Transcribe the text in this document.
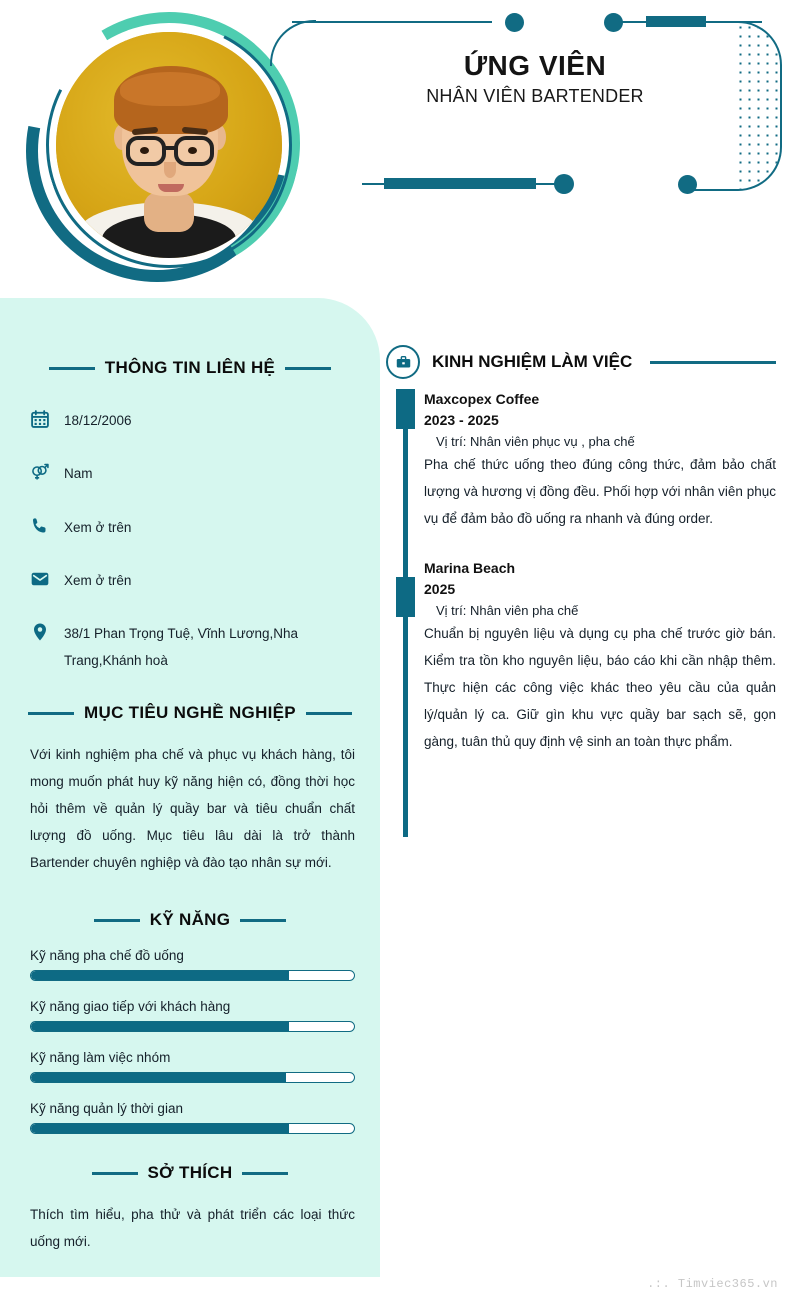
ỨNG VIÊN
NHÂN VIÊN BARTENDER
THÔNG TIN LIÊN HỆ
18/12/2006
Nam
Xem ở trên
Xem ở trên
38/1 Phan Trọng Tuệ, Vĩnh Lương,Nha Trang,Khánh hoà
MỤC TIÊU NGHỀ NGHIỆP
Với kinh nghiệm pha chế và phục vụ khách hàng, tôi mong muốn phát huy kỹ năng hiện có, đồng thời học hỏi thêm về quản lý quầy bar và tiêu chuẩn chất lượng đồ uống. Mục tiêu lâu dài là trở thành Bartender chuyên nghiệp và đào tạo nhân sự mới.
KỸ NĂNG
Kỹ năng pha chế đồ uống
Kỹ năng giao tiếp với khách hàng
Kỹ năng làm việc nhóm
Kỹ năng quản lý thời gian
SỞ THÍCH
Thích tìm hiểu, pha thử và phát triển các loại thức uống mới.
KINH NGHIỆM LÀM VIỆC
Maxcopex Coffee
2023 - 2025
Vị trí: Nhân viên phục vụ , pha chế
Pha chế thức uống theo đúng công thức, đảm bảo chất lượng và hương vị đồng đều. Phối hợp với nhân viên phục vụ để đảm bảo đồ uống ra nhanh và đúng order.
Marina Beach
2025
Vị trí: Nhân viên pha chế
Chuẩn bị nguyên liệu và dụng cụ pha chế trước giờ bán. Kiểm tra tồn kho nguyên liệu, báo cáo khi cần nhập thêm. Thực hiện các công việc khác theo yêu cầu của quản lý/quản lý ca. Giữ gìn khu vực quầy bar sạch sẽ, gọn gàng, tuân thủ quy định vệ sinh an toàn thực phẩm.
.:. Timviec365.vn
